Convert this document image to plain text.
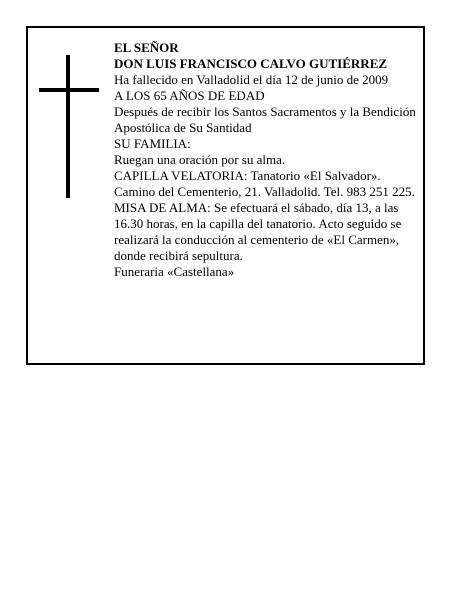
EL SEÑOR

DON LUIS FRANCISCO CALVO GUTIÉRREZ

Ha fallecido en Valladolid el día 12 de junio de 2009

A LOS 65 AÑOS DE EDAD

Después de recibir los Santos Sacramentos y la Bendición Apostólica de Su Santidad

SU FAMILIA:

Ruegan una oración por su alma.

CAPILLA VELATORIA: Tanatorio «El Salvador». Camino del Cementerio, 21. Valladolid. Tel. 983 251 225.

MISA DE ALMA: Se efectuará el sábado, día 13, a las 16.30 horas, en la capilla del tanatorio. Acto seguido se realizará la conducción al cementerio de «El Carmen», donde recibirá sepultura.

Funeraria «Castellana»
